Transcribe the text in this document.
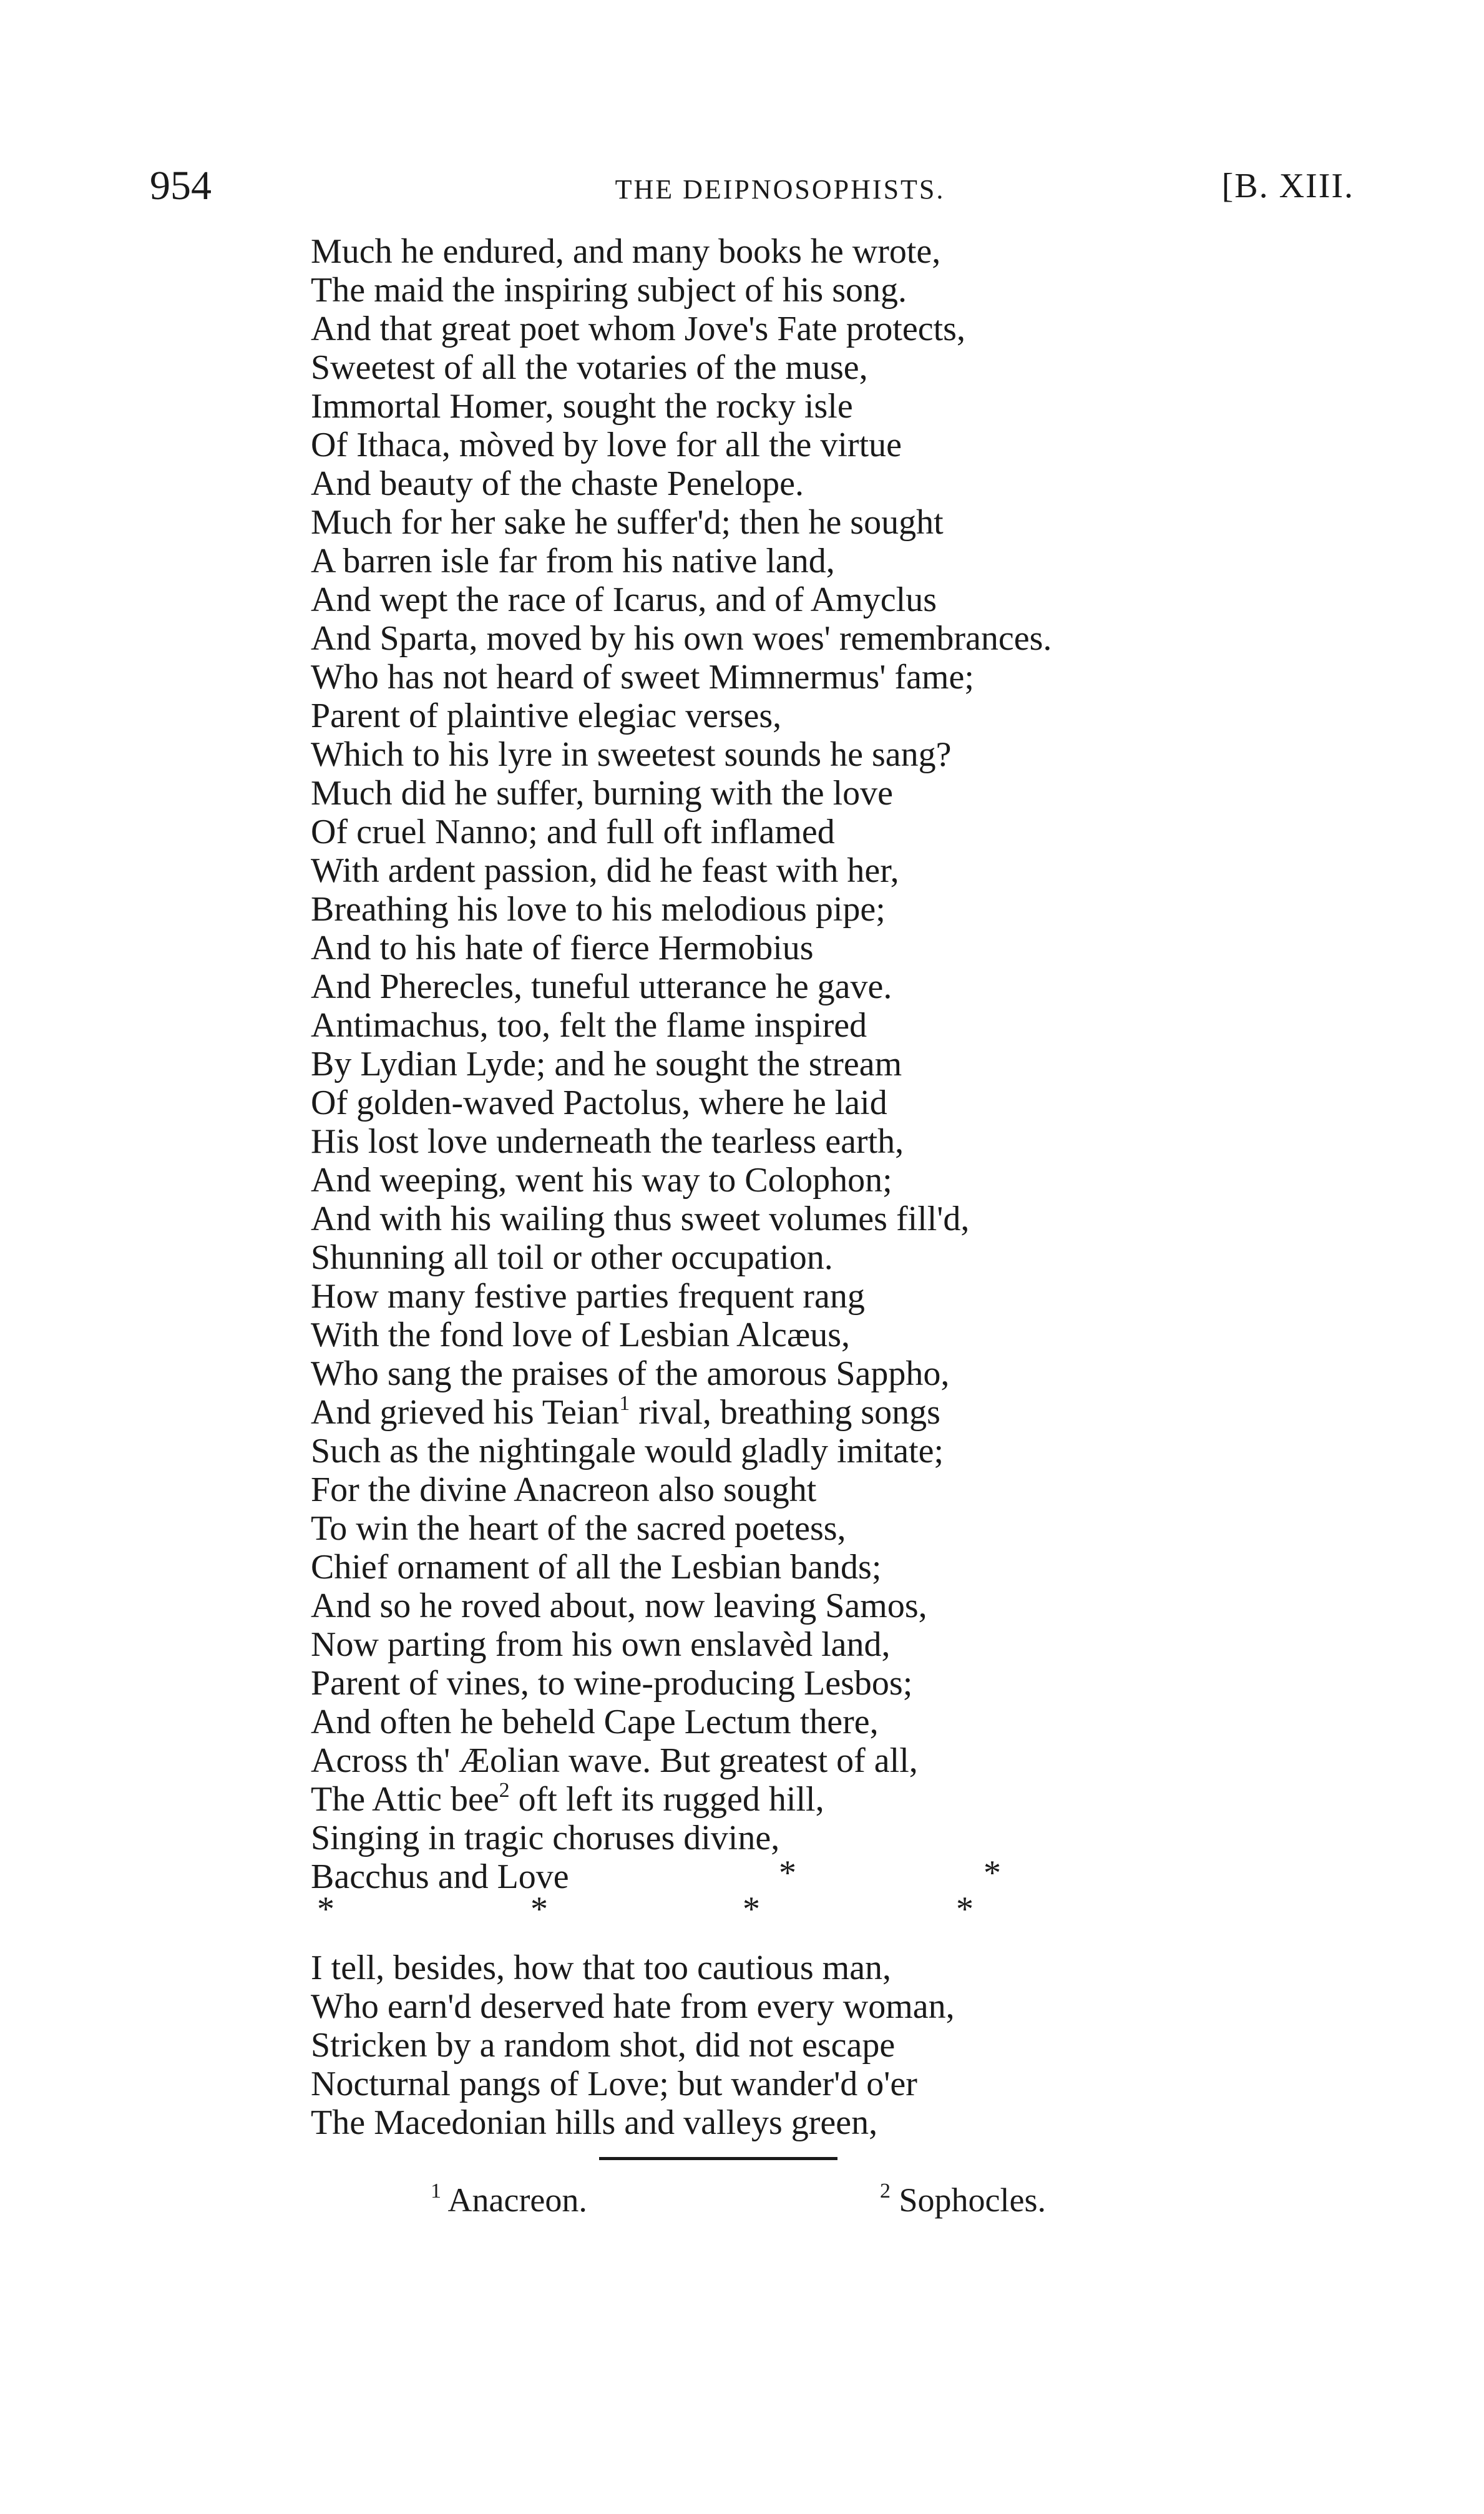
954	THE DEIPNOSOPHISTS.	[B. XIII.
Much he endured, and many books he wrote,
The maid the inspiring subject of his song.
And that great poet whom Jove's Fate protects,
Sweetest of all the votaries of the muse,
Immortal Homer, sought the rocky isle
Of Ithaca, mòved by love for all the virtue
And beauty of the chaste Penelope.
Much for her sake he suffer'd; then he sought
A barren isle far from his native land,
And wept the race of Icarus, and of Amyclus
And Sparta, moved by his own woes' remembrances.
Who has not heard of sweet Mimnermus' fame;
Parent of plaintive elegiac verses,
Which to his lyre in sweetest sounds he sang?
Much did he suffer, burning with the love
Of cruel Nanno; and full oft inflamed
With ardent passion, did he feast with her,
Breathing his love to his melodious pipe;
And to his hate of fierce Hermobius
And Pherecles, tuneful utterance he gave.
Antimachus, too, felt the flame inspired
By Lydian Lyde; and he sought the stream
Of golden-waved Pactolus, where he laid
His lost love underneath the tearless earth,
And weeping, went his way to Colophon;
And with his wailing thus sweet volumes fill'd,
Shunning all toil or other occupation.
How many festive parties frequent rang
With the fond love of Lesbian Alcæus,
Who sang the praises of the amorous Sappho,
And grieved his Teian$^1$ rival, breathing songs
Such as the nightingale would gladly imitate;
For the divine Anacreon also sought
To win the heart of the sacred poetess,
Chief ornament of all the Lesbian bands;
And so he roved about, now leaving Samos,
Now parting from his own enslavèd land,
Parent of vines, to wine-producing Lesbos;
And often he beheld Cape Lectum there,
Across th' Æolian wave. But greatest of all,
The Attic bee$^2$ oft left its rugged hill,
Singing in tragic choruses divine,
Bacchus and Love	*	*
*	*	*	*
I tell, besides, how that too cautious man,
Who earn'd deserved hate from every woman,
Stricken by a random shot, did not escape
Nocturnal pangs of Love; but wander'd o'er
The Macedonian hills and valleys green,
$^1$ Anacreon.	$^2$ Sophocles.
